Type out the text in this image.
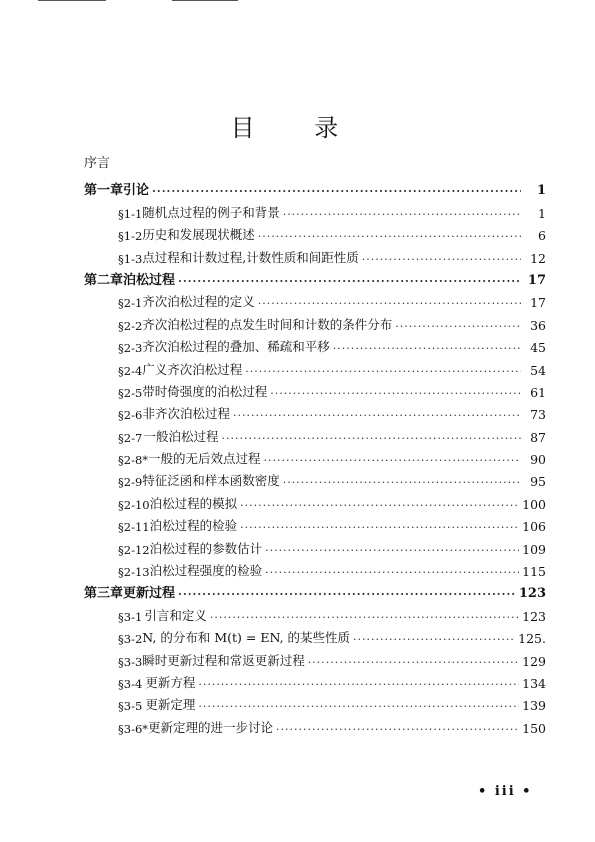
目 录
序言
第一章 引论 ·····	1
§1-1 随机点过程的例子和背景 ·····	1
§1-2 历史和发展现状概述 ·····	6
§1-3 点过程和计数过程,计数性质和间距性质 ·····	12
第二章 泊松过程 ·····	17
§2-1 齐次泊松过程的定义 ·····	17
§2-2 齐次泊松过程的点发生时间和计数的条件分布 ·····	36
§2-3 齐次泊松过程的叠加、稀疏和平移 ·····	45
§2-4 广义齐次泊松过程 ·····	54
§2-5 带时倚强度的泊松过程 ·····	61
§2-6 非齐次泊松过程 ·····	73
§2-7 一般泊松过程 ·····	87
§2-8* 一般的无后效点过程 ·····	90
§2-9 特征泛函和样本函数密度 ·····	95
§2-10 泊松过程的模拟 ·····	100
§2-11 泊松过程的检验 ·····	106
§2-12 泊松过程的参数估计 ·····	109
§2-13 泊松过程强度的检验 ·····	115
第三章 更新过程 ·····	123
§3-1 引言和定义 ·····	123
§3-2 N, 的分布和 M(t) = EN, 的某些性质 ·····	125.
§3-3 瞬时更新过程和常返更新过程 ·····	129
§3-4 更新方程 ·····	134
§3-5 更新定理 ·····	139
§3-6* 更新定理的进一步讨论 ·····	150
• iii •
